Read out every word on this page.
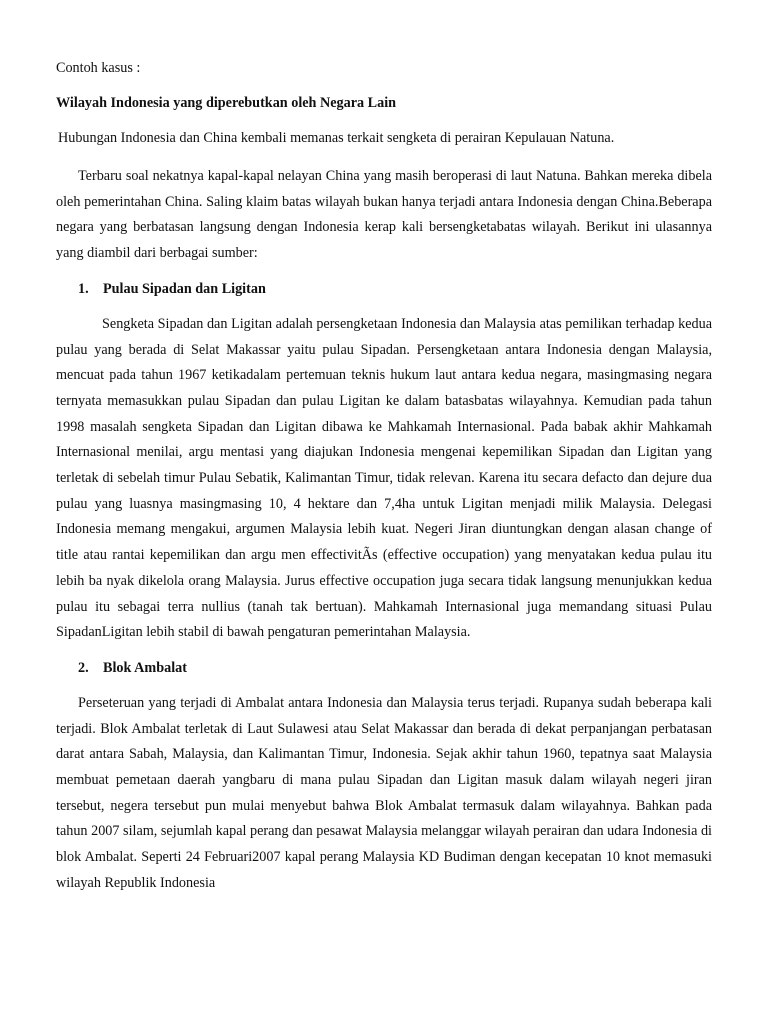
Contoh kasus :

Wilayah Indonesia yang diperebutkan oleh Negara Lain

Hubungan Indonesia dan China kembali memanas terkait sengketa di perairan Kepulauan Natuna.

Terbaru soal nekatnya kapal-kapal nelayan China yang masih beroperasi di laut Natuna. Bahkan mereka dibela oleh pemerintahan China. Saling klaim batas wilayah bukan hanya terjadi antara Indonesia dengan China.Beberapa negara yang berbatasan langsung dengan Indonesia kerap kali bersengketabatas wilayah. Berikut ini ulasannya yang diambil dari berbagai sumber:

1. Pulau Sipadan dan Ligitan

Sengketa Sipadan dan Ligitan adalah persengketaan Indonesia dan Malaysia atas pemilikan terhadap kedua pulau yang berada di Selat Makassar yaitu pulau Sipadan. Persengketaan antara Indonesia dengan Malaysia, mencuat pada tahun 1967 ketikadalam pertemuan teknis hukum laut antara kedua negara, masingmasing negara ternyata memasukkan pulau Sipadan dan pulau Ligitan ke dalam batasbatas wilayahnya. Kemudian pada tahun 1998 masalah sengketa Sipadan dan Ligitan dibawa ke Mahkamah Internasional. Pada babak akhir Mahkamah Internasional menilai, argu mentasi yang diajukan Indonesia mengenai kepemilikan Sipadan dan Ligitan yang terletak di sebelah timur Pulau Sebatik, Kalimantan Timur, tidak relevan. Karena itu secara defacto dan dejure dua pulau yang luasnya masingmasing 10, 4 hektare dan 7,4ha untuk Ligitan menjadi milik Malaysia. Delegasi Indonesia memang mengakui, argumen Malaysia lebih kuat. Negeri Jiran diuntungkan dengan alasan change of title atau rantai kepemilikan dan argu men effectivitÃs (effective occupation) yang menyatakan kedua pulau itu lebih ba nyak dikelola orang Malaysia. Jurus effective occupation juga secara tidak langsung menunjukkan kedua pulau itu sebagai terra nullius (tanah tak bertuan). Mahkamah Internasional juga memandang situasi Pulau SipadanLigitan lebih stabil di bawah pengaturan pemerintahan Malaysia.

2. Blok Ambalat

Perseteruan yang terjadi di Ambalat antara Indonesia dan Malaysia terus terjadi. Rupanya sudah beberapa kali terjadi. Blok Ambalat terletak di Laut Sulawesi atau Selat Makassar dan berada di dekat perpanjangan perbatasan darat antara Sabah, Malaysia, dan Kalimantan Timur, Indonesia. Sejak akhir tahun 1960, tepatnya saat Malaysia membuat pemetaan daerah yangbaru di mana pulau Sipadan dan Ligitan masuk dalam wilayah negeri jiran tersebut, negera tersebut pun mulai menyebut bahwa Blok Ambalat termasuk dalam wilayahnya. Bahkan pada tahun 2007 silam, sejumlah kapal perang dan pesawat Malaysia melanggar wilayah perairan dan udara Indonesia di blok Ambalat. Seperti 24 Februari2007 kapal perang Malaysia KD Budiman dengan kecepatan 10 knot memasuki wilayah Republik Indonesia
